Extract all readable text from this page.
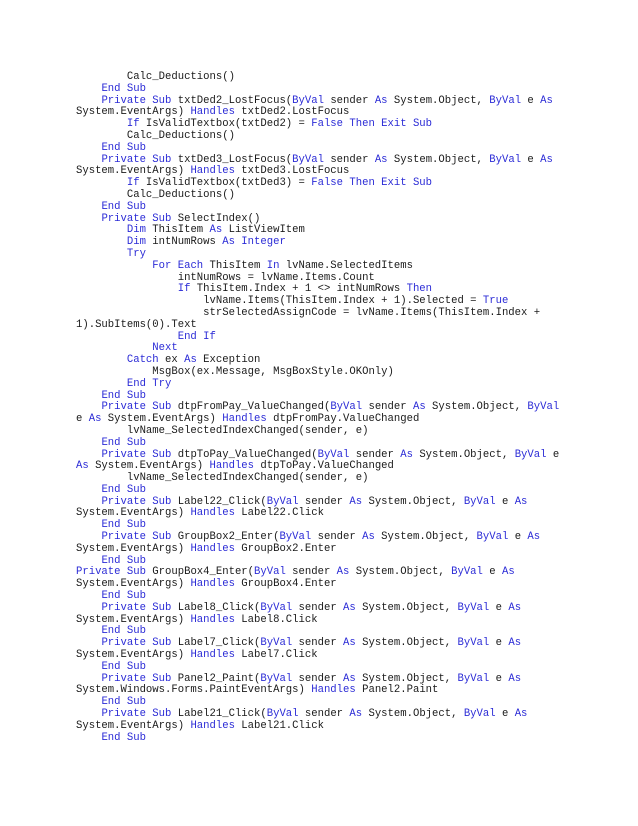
Calc_Deductions()
End Sub
Private Sub txtDed2_LostFocus(ByVal sender As System.Object, ByVal e As
System.EventArgs) Handles txtDed2.LostFocus
If IsValidTextbox(txtDed2) = False Then Exit Sub
Calc_Deductions()
End Sub
Private Sub txtDed3_LostFocus(ByVal sender As System.Object, ByVal e As
System.EventArgs) Handles txtDed3.LostFocus
If IsValidTextbox(txtDed3) = False Then Exit Sub
Calc_Deductions()
End Sub
Private Sub SelectIndex()
Dim ThisItem As ListViewItem
Dim intNumRows As Integer
Try
For Each ThisItem In lvName.SelectedItems
intNumRows = lvName.Items.Count
If ThisItem.Index + 1 <> intNumRows Then
lvName.Items(ThisItem.Index + 1).Selected = True
strSelectedAssignCode = lvName.Items(ThisItem.Index +
1).SubItems(0).Text
End If
Next
Catch ex As Exception
MsgBox(ex.Message, MsgBoxStyle.OKOnly)
End Try
End Sub
Private Sub dtpFromPay_ValueChanged(ByVal sender As System.Object, ByVal
e As System.EventArgs) Handles dtpFromPay.ValueChanged
lvName_SelectedIndexChanged(sender, e)
End Sub
Private Sub dtpToPay_ValueChanged(ByVal sender As System.Object, ByVal e
As System.EventArgs) Handles dtpToPay.ValueChanged
lvName_SelectedIndexChanged(sender, e)
End Sub
Private Sub Label22_Click(ByVal sender As System.Object, ByVal e As
System.EventArgs) Handles Label22.Click
End Sub
Private Sub GroupBox2_Enter(ByVal sender As System.Object, ByVal e As
System.EventArgs) Handles GroupBox2.Enter
End Sub
Private Sub GroupBox4_Enter(ByVal sender As System.Object, ByVal e As
System.EventArgs) Handles GroupBox4.Enter
End Sub
Private Sub Label8_Click(ByVal sender As System.Object, ByVal e As
System.EventArgs) Handles Label8.Click
End Sub
Private Sub Label7_Click(ByVal sender As System.Object, ByVal e As
System.EventArgs) Handles Label7.Click
End Sub
Private Sub Panel2_Paint(ByVal sender As System.Object, ByVal e As
System.Windows.Forms.PaintEventArgs) Handles Panel2.Paint
End Sub
Private Sub Label21_Click(ByVal sender As System.Object, ByVal e As
System.EventArgs) Handles Label21.Click
End Sub
